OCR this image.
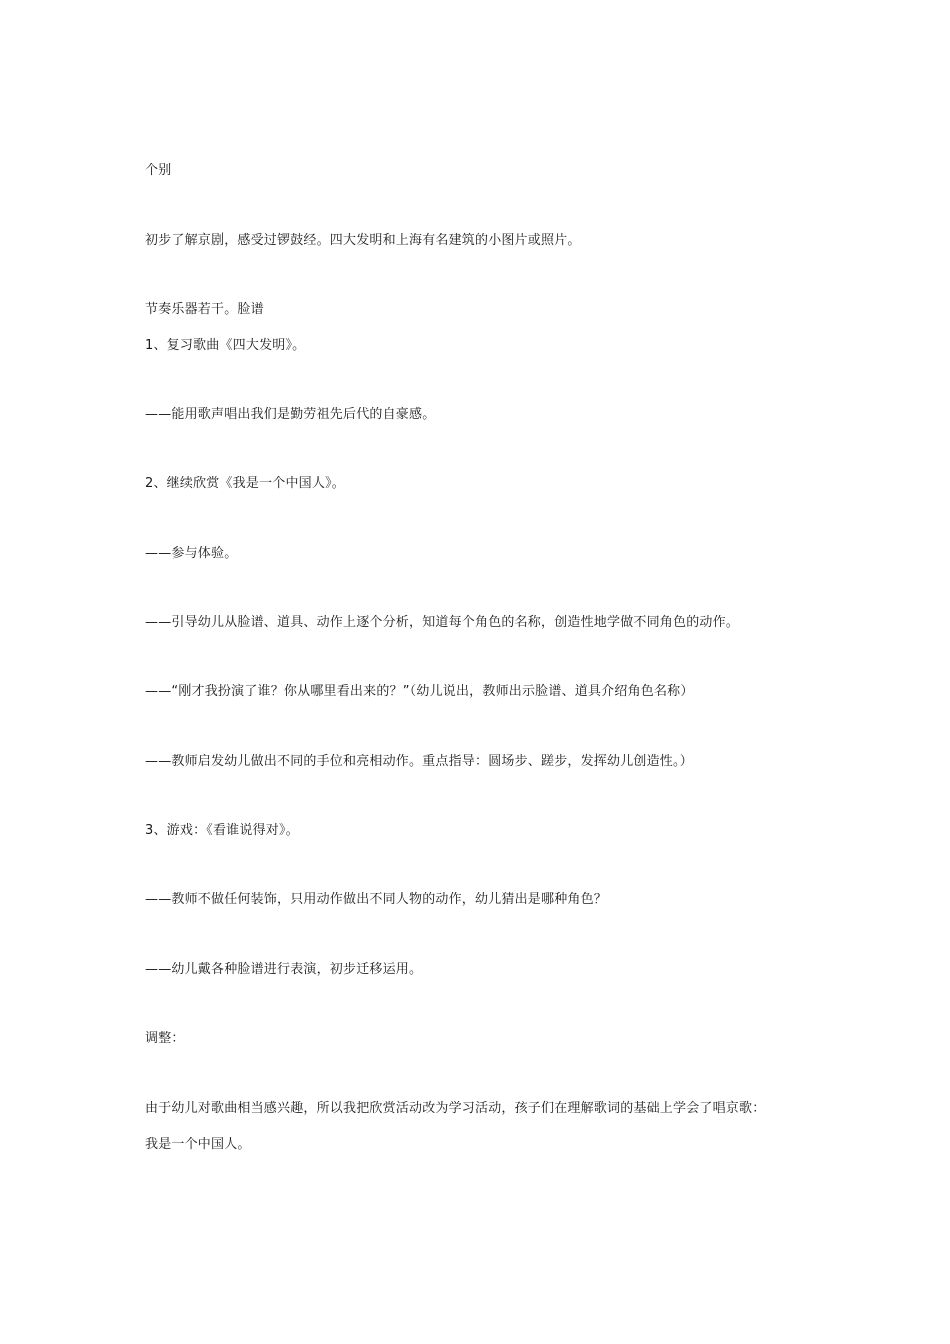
个别
初步了解京剧，感受过锣鼓经。四大发明和上海有名建筑的小图片或照片。
节奏乐器若干。脸谱
1、复习歌曲《四大发明》。
——能用歌声唱出我们是勤劳祖先后代的自豪感。
2、继续欣赏《我是一个中国人》。
——参与体验。
——引导幼儿从脸谱、道具、动作上逐个分析，知道每个角色的名称，创造性地学做不同角色的动作。
——“刚才我扮演了谁？你从哪里看出来的？”（幼儿说出，教师出示脸谱、道具介绍角色名称）
——教师启发幼儿做出不同的手位和亮相动作。重点指导：圆场步、蹉步，发挥幼儿创造性。）
3、游戏：《看谁说得对》。
——教师不做任何装饰，只用动作做出不同人物的动作，幼儿猜出是哪种角色？
——幼儿戴各种脸谱进行表演，初步迁移运用。
调整：
由于幼儿对歌曲相当感兴趣，所以我把欣赏活动改为学习活动，孩子们在理解歌词的基础上学会了唱京歌：
我是一个中国人。
